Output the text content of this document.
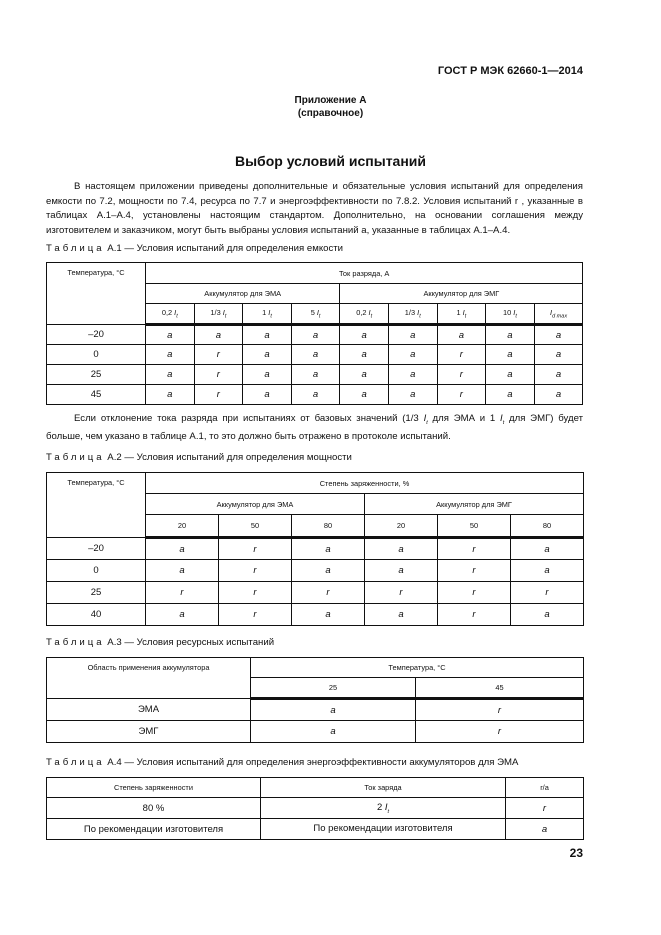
ГОСТ Р МЭК 62660-1—2014
Приложение А
(справочное)
Выбор условий испытаний
В настоящем приложении приведены дополнительные и обязательные условия испытаний для определения емкости по 7.2, мощности по 7.4, ресурса по 7.7 и энергоэффективности по 7.8.2. Условия испытаний r , указанные в таблицах А.1–А.4, установлены настоящим стандартом. Дополнительно, на основании соглашения между изготовителем и заказчиком, могут быть выбраны условия испытаний а, указанные в таблицах А.1–А.4.
Таблица А.1 — Условия испытаний для определения емкости
Температура, °С	Ток разряда, А								
	Аккумулятор для ЭМА				Аккумулятор для ЭМГ				
	0,2 $I_t$	1/3 $I_t$	1 $I_t$	5 $I_t$	0,2 $I_t$	1/3 $I_t$	1 $I_t$	10 $I_t$	$I_{d max}$
–20	a	a	a	a	a	a	a	a	a
0	a	r	a	a	a	a	r	a	a
25	a	r	a	a	a	a	r	a	a
45	a	r	a	a	a	a	r	a	a
Если отклонение тока разряда при испытаниях от базовых значений (1/3 $I_t$ для ЭМА и 1 $I_t$ для ЭМГ) будет больше, чем указано в таблице А.1, то это должно быть отражено в протоколе испытаний.
Таблица А.2 — Условия испытаний для определения мощности
Температура, °С	Степень заряженности, %					
	Аккумулятор для ЭМА			Аккумулятор для ЭМГ		
	20	50	80	20	50	80
–20	a	r	a	a	r	a
0	a	r	a	a	r	a
25	r	r	r	r	r	r
40	a	r	a	a	r	a
Таблица А.3 — Условия ресурсных испытаний
Область применения аккумулятора	Температура, °С	
	25	45
ЭМА	a	r
ЭМГ	a	r
Таблица А.4 — Условия испытаний для определения энергоэффективности аккумуляторов для ЭМА
Степень заряженности	Ток заряда	r/a
80 %	2 $I_t$	r
По рекомендации изготовителя	По рекомендации изготовителя	a
23
